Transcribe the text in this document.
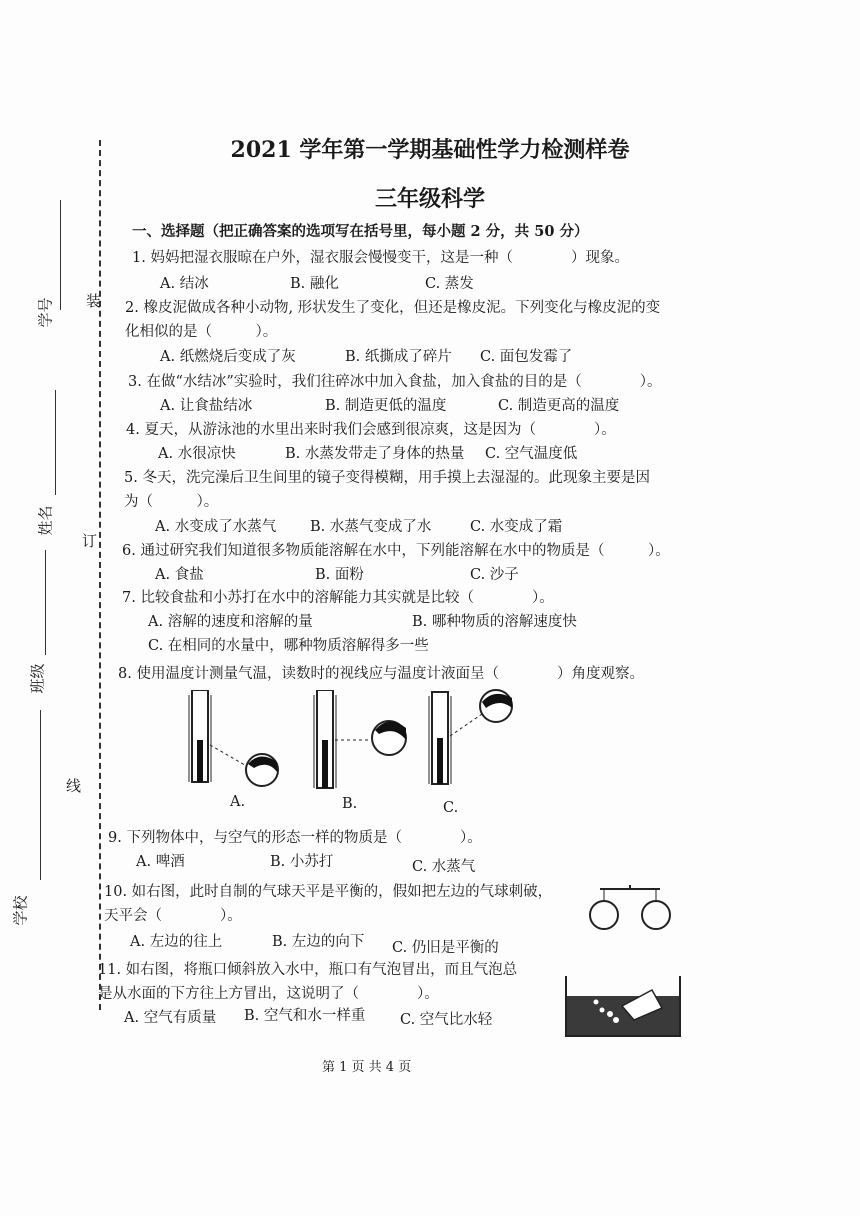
装
订
线
学号
姓名
班级
学校
2021 学年第一学期基础性学力检测样卷
三年级科学
一、选择题（把正确答案的选项写在括号里，每小题 2 分，共 50 分）
1. 妈妈把湿衣服晾在户外，湿衣服会慢慢变干，这是一种（　　　　）现象。
A. 结冰	B. 融化	C. 蒸发
2. 橡皮泥做成各种小动物, 形状发生了变化，但还是橡皮泥。下列变化与橡皮泥的变
化相似的是（　　　）。
A. 纸燃烧后变成了灰	B. 纸撕成了碎片 C. 面包发霉了
3. 在做“水结冰”实验时，我们往碎冰中加入食盐，加入食盐的目的是（　　　　）。
A. 让食盐结冰	B. 制造更低的温度	C. 制造更高的温度
4. 夏天，从游泳池的水里出来时我们会感到很凉爽，这是因为（　　　　）。
A. 水很凉快	B. 水蒸发带走了身体的热量 C. 空气温度低
5. 冬天，洗完澡后卫生间里的镜子变得模糊，用手摸上去湿湿的。此现象主要是因
为（　　　）。
A. 水变成了水蒸气 B. 水蒸气变成了水	C. 水变成了霜
6. 通过研究我们知道很多物质能溶解在水中，下列能溶解在水中的物质是（　　　）。
A. 食盐	B. 面粉	C. 沙子
7. 比较食盐和小苏打在水中的溶解能力其实就是比较（　　　　）。
A. 溶解的速度和溶解的量	B. 哪种物质的溶解速度快
C. 在相同的水量中，哪种物质溶解得多一些
8. 使用温度计测量气温，读数时的视线应与温度计液面呈（　　　　）角度观察。
A.	B.	C.
9. 下列物体中，与空气的形态一样的物质是（　　　　）。
A. 啤酒	B. 小苏打	C. 水蒸气
10. 如右图，此时自制的气球天平是平衡的，假如把左边的气球刺破，
天平会（　　　　）。
A. 左边的往上	B. 左边的向下 C. 仍旧是平衡的
11. 如右图，将瓶口倾斜放入水中，瓶口有气泡冒出，而且气泡总
是从水面的下方往上方冒出，这说明了（　　　　）。
A. 空气有质量 B. 空气和水一样重 C. 空气比水轻
第 1 页 共 4 页
